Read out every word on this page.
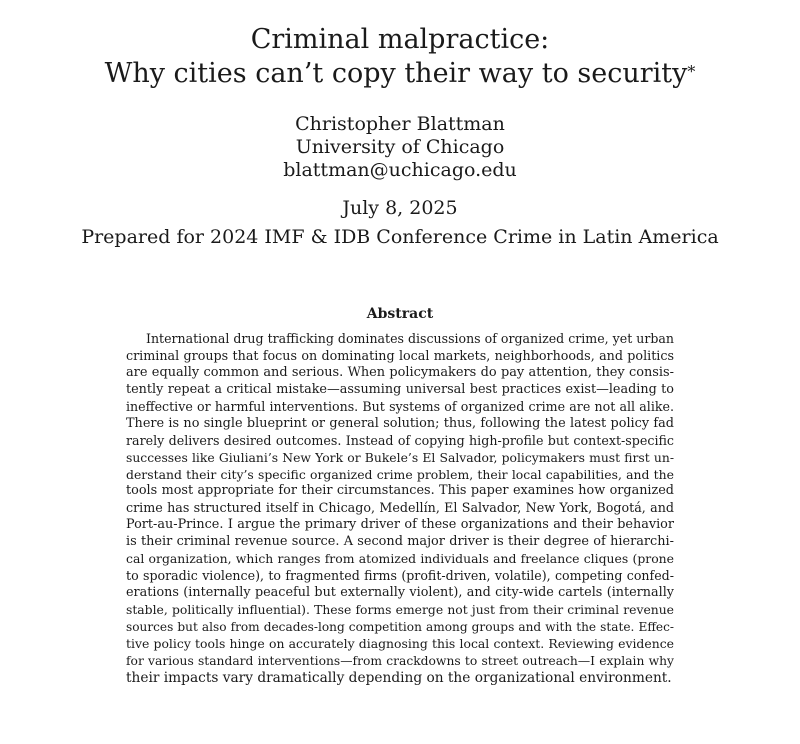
Criminal malpractice:
Why cities can’t copy their way to security*
Christopher Blattman
University of Chicago
blattman@uchicago.edu
July 8, 2025
Prepared for 2024 IMF & IDB Conference Crime in Latin America
Abstract
International drug trafficking dominates discussions of organized crime, yet urban
criminal groups that focus on dominating local markets, neighborhoods, and politics
are equally common and serious. When policymakers do pay attention, they consis-
tently repeat a critical mistake—assuming universal best practices exist—leading to
ineffective or harmful interventions. But systems of organized crime are not all alike.
There is no single blueprint or general solution; thus, following the latest policy fad
rarely delivers desired outcomes. Instead of copying high-profile but context-specific
successes like Giuliani’s New York or Bukele’s El Salvador, policymakers must first un-
derstand their city’s specific organized crime problem, their local capabilities, and the
tools most appropriate for their circumstances. This paper examines how organized
crime has structured itself in Chicago, Medellín, El Salvador, New York, Bogotá, and
Port-au-Prince. I argue the primary driver of these organizations and their behavior
is their criminal revenue source. A second major driver is their degree of hierarchi-
cal organization, which ranges from atomized individuals and freelance cliques (prone
to sporadic violence), to fragmented firms (profit-driven, volatile), competing confed-
erations (internally peaceful but externally violent), and city-wide cartels (internally
stable, politically influential). These forms emerge not just from their criminal revenue
sources but also from decades-long competition among groups and with the state. Effec-
tive policy tools hinge on accurately diagnosing this local context. Reviewing evidence
for various standard interventions—from crackdowns to street outreach—I explain why
their impacts vary dramatically depending on the organizational environment.
